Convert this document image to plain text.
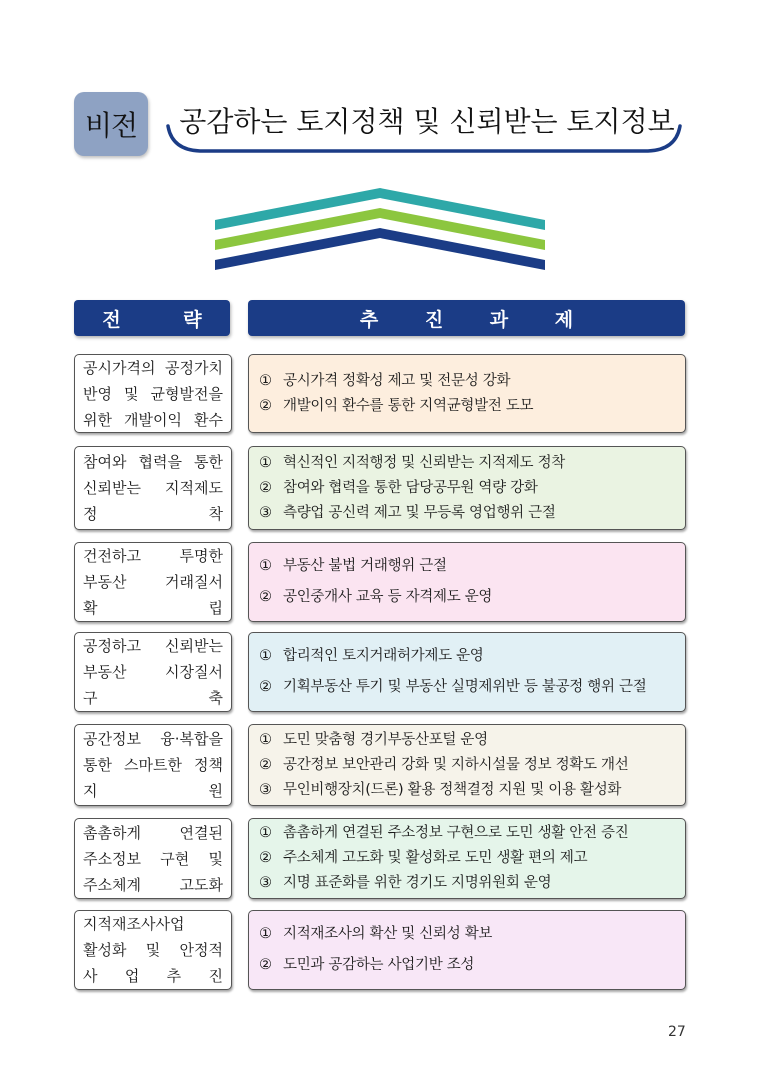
비전	공감하는 토지정책 및 신뢰받는 토지정보
전 략	추 진 과 제
공시가격의 공정가치
반영 및 균형발전을
위한 개발이익 환수
① 공시가격 정확성 제고 및 전문성 강화
② 개발이익 환수를 통한 지역균형발전 도모
참여와 협력을 통한
신뢰받는 지적제도
정 착
① 혁신적인 지적행정 및 신뢰받는 지적제도 정착
② 참여와 협력을 통한 담당공무원 역량 강화
③ 측량업 공신력 제고 및 무등록 영업행위 근절
건전하고 투명한
부동산 거래질서
확 립
① 부동산 불법 거래행위 근절
② 공인중개사 교육 등 자격제도 운영
공정하고 신뢰받는
부동산 시장질서
구 축
① 합리적인 토지거래허가제도 운영
② 기획부동산 투기 및 부동산 실명제위반 등 불공정 행위 근절
공간정보 융·복합을
통한 스마트한 정책
지 원
① 도민 맞춤형 경기부동산포털 운영
② 공간정보 보안관리 강화 및 지하시설물 정보 정확도 개선
③ 무인비행장치(드론) 활용 정책결정 지원 및 이용 활성화
촘촘하게 연결된
주소정보 구현 및
주소체계 고도화
① 촘촘하게 연결된 주소정보 구현으로 도민 생활 안전 증진
② 주소체계 고도화 및 활성화로 도민 생활 편의 제고
③ 지명 표준화를 위한 경기도 지명위원회 운영
지적재조사사업
활성화 및 안정적
사 업 추 진
① 지적재조사의 확산 및 신뢰성 확보
② 도민과 공감하는 사업기반 조성
27
